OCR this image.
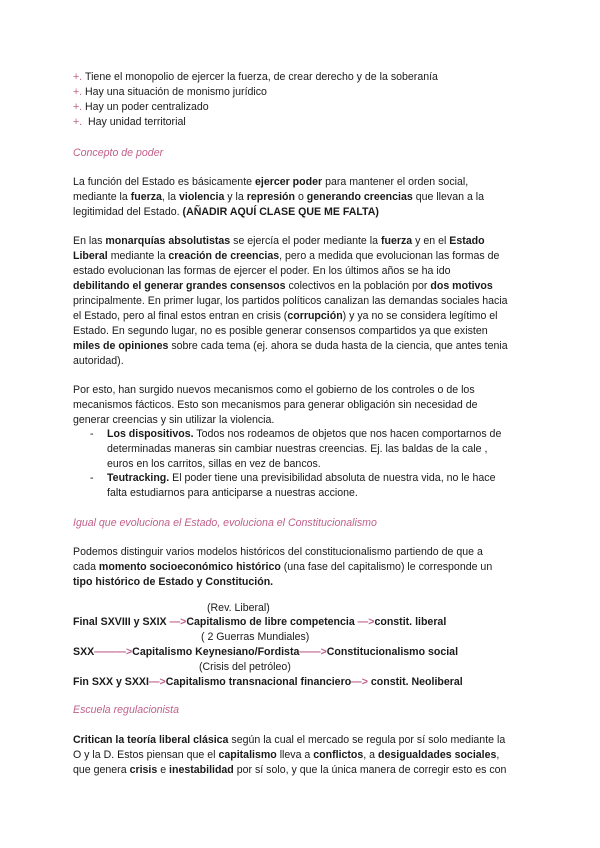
+. Tiene el monopolio de ejercer la fuerza, de crear derecho y de la soberanía
+. Hay una situación de monismo jurídico
+. Hay un poder centralizado
+. Hay unidad territorial
Concepto de poder
La función del Estado es básicamente ejercer poder para mantener el orden social,
mediante la fuerza, la violencia y la represión o generando creencias que llevan a la
legitimidad del Estado. (AÑADIR AQUÍ CLASE QUE ME FALTA)
En las monarquías absolutistas se ejercía el poder mediante la fuerza y en el Estado
Liberal mediante la creación de creencias, pero a medida que evolucionan las formas de
estado evolucionan las formas de ejercer el poder. En los últimos años se ha ido
debilitando el generar grandes consensos colectivos en la población por dos motivos
principalmente. En primer lugar, los partidos políticos canalizan las demandas sociales hacia
el Estado, pero al final estos entran en crisis (corrupción) y ya no se considera legítimo el
Estado. En segundo lugar, no es posible generar consensos compartidos ya que existen
miles de opiniones sobre cada tema (ej. ahora se duda hasta de la ciencia, que antes tenia
autoridad).
Por esto, han surgido nuevos mecanismos como el gobierno de los controles o de los
mecanismos fácticos. Esto son mecanismos para generar obligación sin necesidad de
generar creencias y sin utilizar la violencia.
- Los dispositivos. Todos nos rodeamos de objetos que nos hacen comportarnos de
determinadas maneras sin cambiar nuestras creencias. Ej. las baldas de la cale ,
euros en los carritos, sillas en vez de bancos.
- Teutracking. El poder tiene una previsibilidad absoluta de nuestra vida, no le hace
falta estudiarnos para anticiparse a nuestras accione.
Igual que evoluciona el Estado, evoluciona el Constitucionalismo
Podemos distinguir varios modelos históricos del constitucionalismo partiendo de que a
cada momento socioeconómico histórico (una fase del capitalismo) le corresponde un
tipo histórico de Estado y Constitución.
(Rev. Liberal)
Final SXVIII y SXIX —>Capitalismo de libre competencia —>constit. liberal
( 2 Guerras Mundiales)
SXX———>Capitalismo Keynesiano/Fordista——>Constitucionalismo social
(Crisis del petróleo)
Fin SXX y SXXI—>Capitalismo transnacional financiero—> constit. Neoliberal
Escuela regulacionista
Critican la teoría liberal clásica según la cual el mercado se regula por sí solo mediante la
O y la D. Estos piensan que el capitalismo lleva a conflictos, a desigualdades sociales,
que genera crisis e inestabilidad por sí solo, y que la única manera de corregir esto es con
